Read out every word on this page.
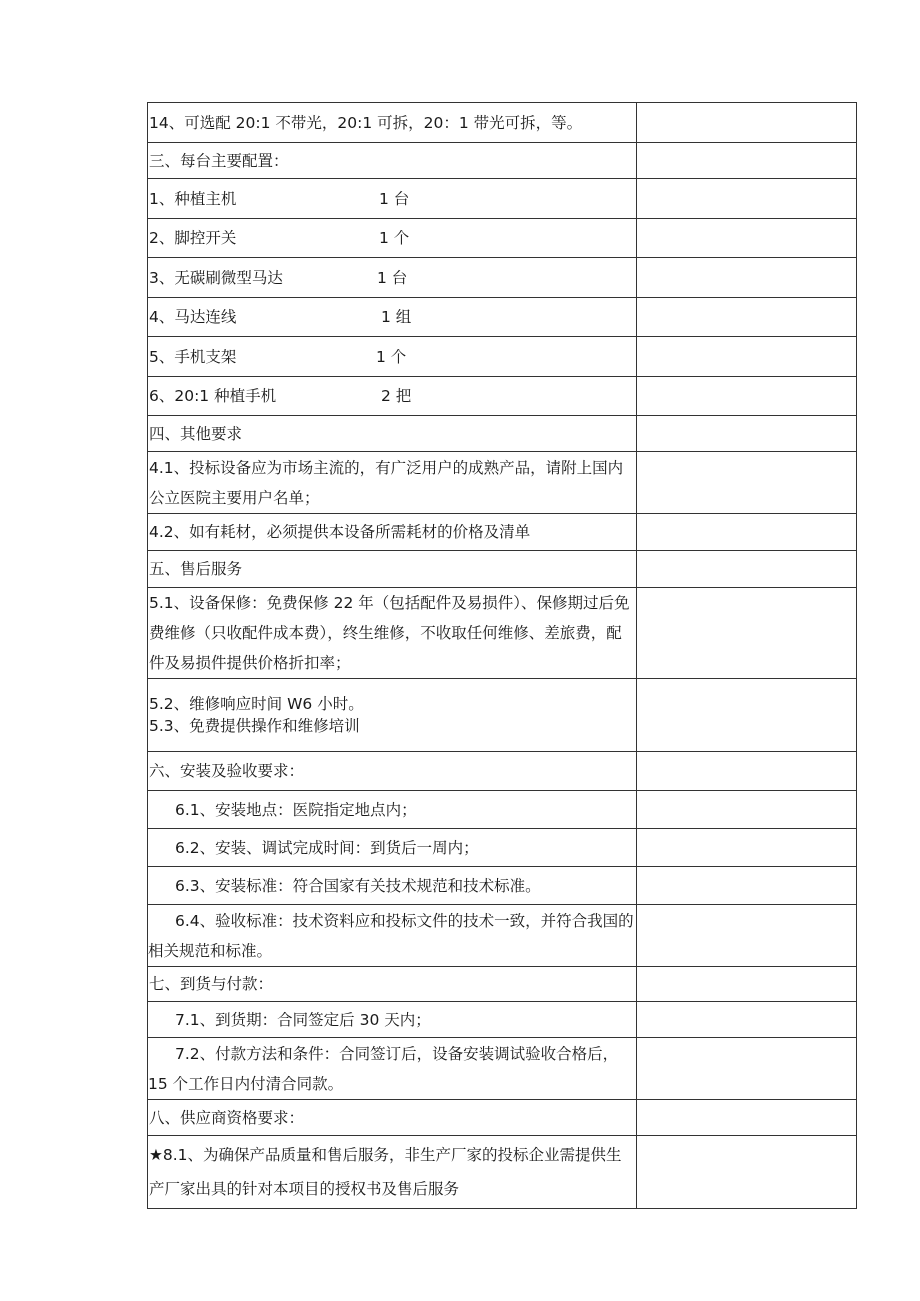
14、可选配 20:1 不带光，20:1 可拆，20：1 带光可拆，等。	

三、每台主要配置：	

1、种植主机 1 台	

2、脚控开关 1 个	

3、无碳刷微型马达 1 台	

4、马达连线 1 组	

5、手机支架 1 个	

6、20:1 种植手机 2 把	

四、其他要求	

4.1、投标设备应为市场主流的，有广泛用户的成熟产品，请附上国内公立医院主要用户名单；	

4.2、如有耗材，必须提供本设备所需耗材的价格及清单	

五、售后服务	

5.1、设备保修：免费保修 22 年（包括配件及易损件）、保修期过后免费维修（只收配件成本费），终生维修，不收取任何维修、差旅费，配件及易损件提供价格折扣率；	

5.2、维修响应时间 W6 小时。
5.3、免费提供操作和维修培训	

六、安装及验收要求：	

6.1、安装地点：医院指定地点内；	

6.2、安装、调试完成时间：到货后一周内；	

6.3、安装标准：符合国家有关技术规范和技术标准。	

6.4、验收标准：技术资料应和投标文件的技术一致，并符合我国的相关规范和标准。	

七、到货与付款：	

7.1、到货期：合同签定后 30 天内；	

7.2、付款方法和条件：合同签订后，设备安装调试验收合格后，15 个工作日内付清合同款。	

八、供应商资格要求：	

★8.1、为确保产品质量和售后服务，非生产厂家的投标企业需提供生产厂家出具的针对本项目的授权书及售后服务	
